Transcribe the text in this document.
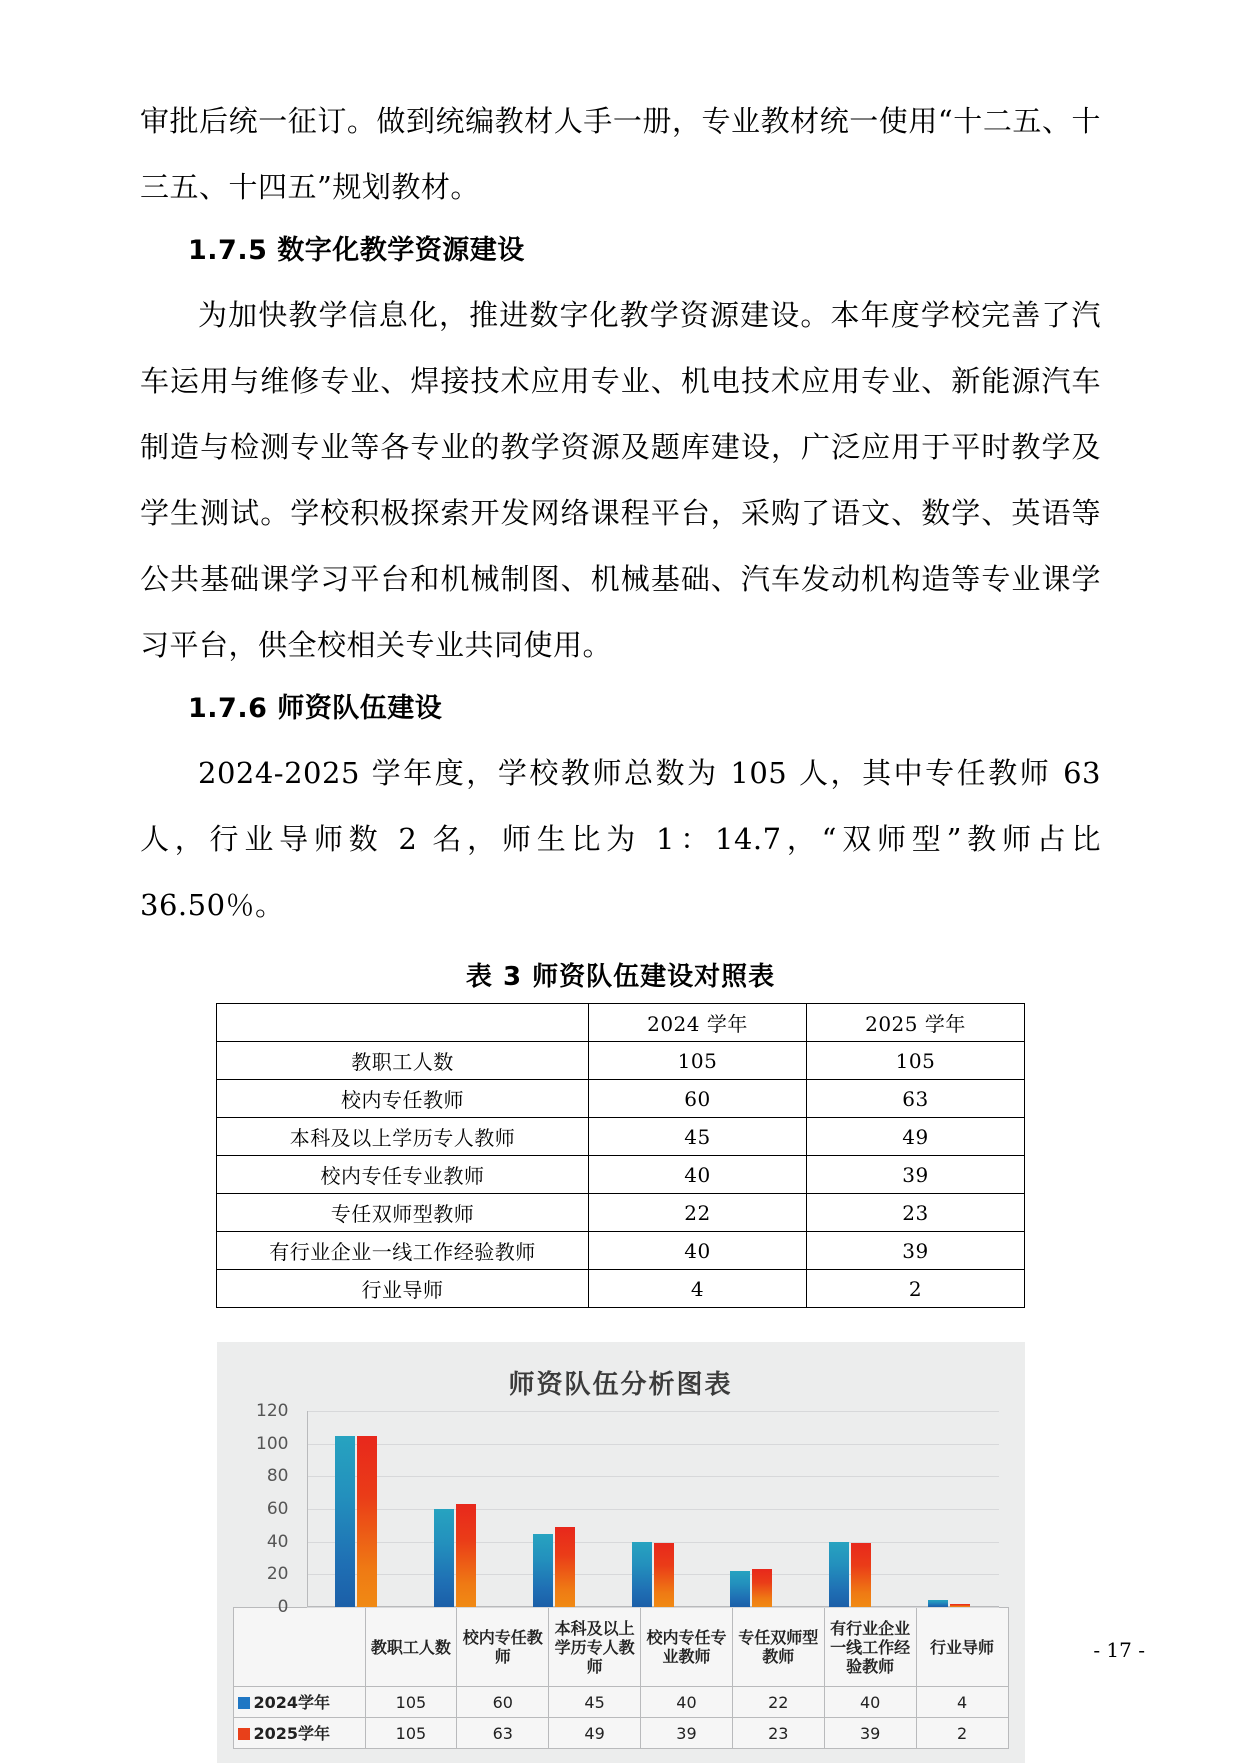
审批后统一征订。做到统编教材人手一册，专业教材统一使用“十二五、十三五、十四五”规划教材。

1.7.5 数字化教学资源建设

为加快教学信息化，推进数字化教学资源建设。本年度学校完善了汽车运用与维修专业、焊接技术应用专业、机电技术应用专业、新能源汽车制造与检测专业等各专业的教学资源及题库建设，广泛应用于平时教学及学生测试。学校积极探索开发网络课程平台，采购了语文、数学、英语等公共基础课学习平台和机械制图、机械基础、汽车发动机构造等专业课学习平台，供全校相关专业共同使用。

1.7.6 师资队伍建设

2024-2025 学年度，学校教师总数为 105 人，其中专任教师 63 人，行业导师数 2 名，师生比为 1：14.7，“双师型”教师占比 36.50％。

表 3 师资队伍建设对照表
	2024 学年	2025 学年
教职工人数	105	105
校内专任教师	60	63
本科及以上学历专人教师	45	49
校内专任专业教师	40	39
专任双师型教师	22	23
有行业企业一线工作经验教师	40	39
行业导师	4	2
师资队伍分析图表
0
20
40
60
80
100
120
	教职工人数	校内专任教师	本科及以上学历专人教师	校内专任专业教师	专任双师型教师	有行业企业一线工作经验教师	行业导师
2024学年	105	60	45	40	22	40	4
2025学年	105	63	49	39	23	39	2
- 17 -
